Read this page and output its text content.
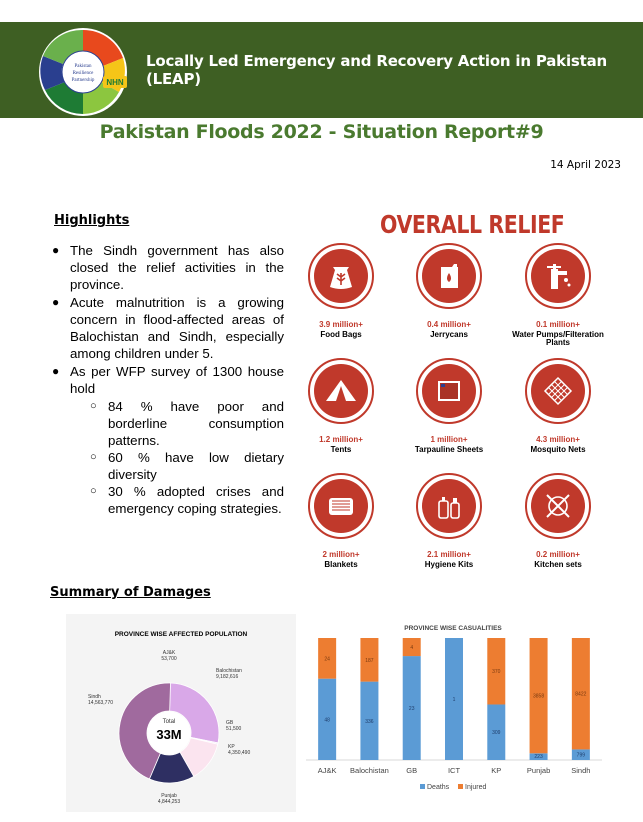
Pakistan
Resilience
Partnership NHN
Locally Led Emergency and Recovery Action in Pakistan (LEAP)
Pakistan Floods 2022 - Situation Report#9
14 April 2023
Highlights
● The Sindh government has also closed the relief activities in the province.
● Acute malnutrition is a growing concern in flood-affected areas of Balochistan and Sindh, especially among children under 5.
● As per WFP survey of 1300 house hold
○ 84 % have poor and borderline consumption patterns.
○ 60 % have low dietary diversity
○ 30 % adopted crises and emergency coping strategies.
OVERALL RELIEF
3.9 million+
Food Bags
0.4 million+
Jerrycans
0.1 million+
Water Pumps/Filteration Plants
1.2 million+
Tents
1 million+
Tarpauline Sheets
4.3 million+
Mosquito Nets
2 million+
Blankets
2.1 million+
Hygiene Kits
0.2 million+
Kitchen sets
Summary of Damages
PROVINCE WISE AFFECTED POPULATION
AJ&K
53,700
Balochistan
9,182,616
GB
51,500
KP
4,350,490
Punjab
4,844,253
Sindh
14,563,770
Total
33M
PROVINCE WISE CASUALITIES
48
24
AJ&K
336
187
Balochistan
23
4
GB
1
ICT
309
370
KP
223
3858
Punjab
799
8422
Sindh
Deaths Injured
